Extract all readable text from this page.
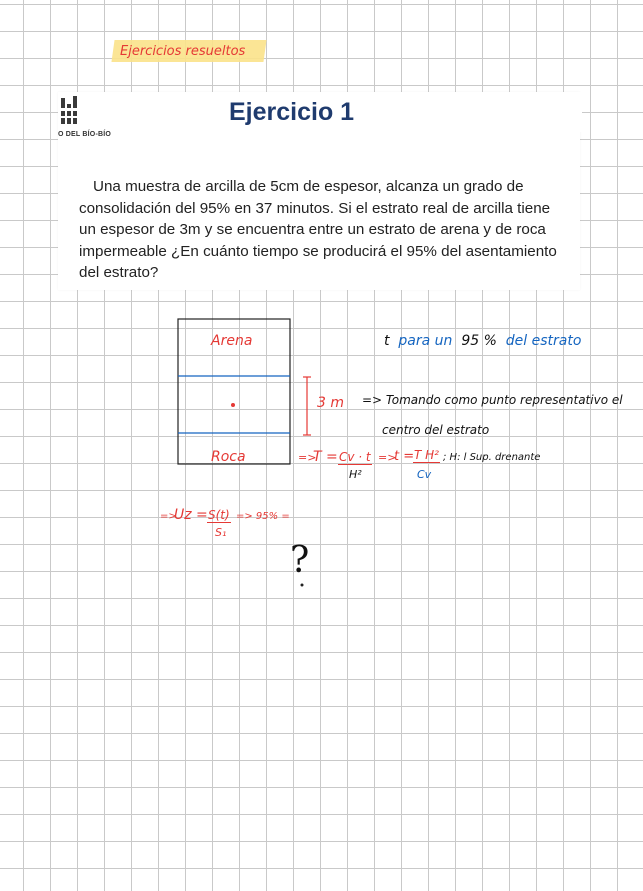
Ejercicios resueltos
O DEL BÍO-BÍO
Ejercicio 1
Una muestra de arcilla de 5cm de espesor, alcanza un grado de consolidación del 95% en 37 minutos. Si el estrato real de arcilla tiene un espesor de 3m y se encuentra entre un estrato de arena y de roca impermeable ¿En cuánto tiempo se producirá el 95% del asentamiento del estrato?
Arena
Roca
3 m
t para un 95 % del estrato
=> Tomando como punto representativo el
centro del estrato
=>
T = Cv · t
H²
=>
t = T H²
Cv
; H: l Sup. drenante
=>
Uz = S(t)
S₁
=> 95% =
?
